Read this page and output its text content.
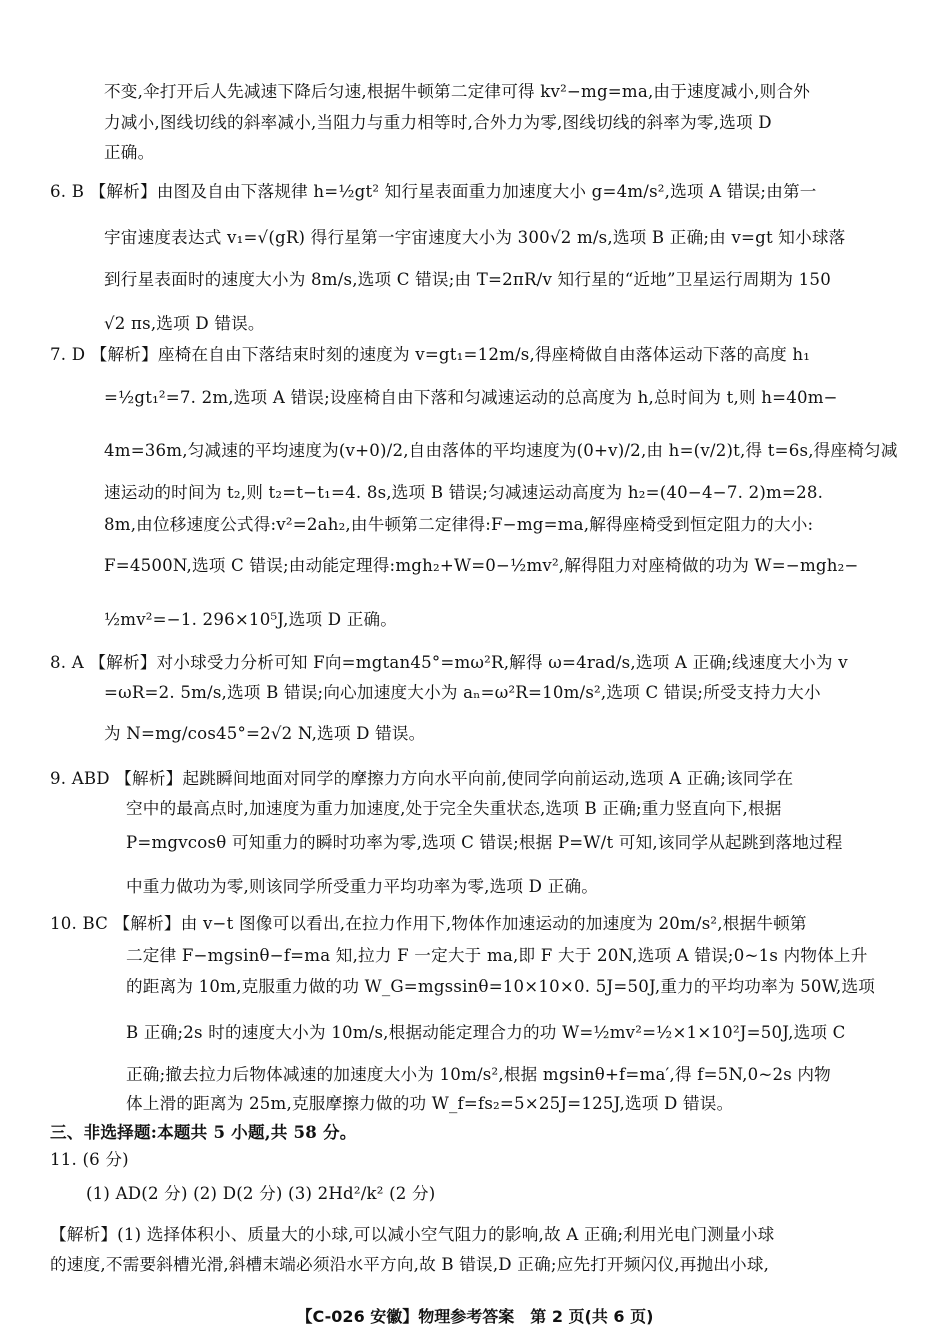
不变,伞打开后人先减速下降后匀速,根据牛顿第二定律可得 kv²−mg=ma,由于速度减小,则合外
力减小,图线切线的斜率减小,当阻力与重力相等时,合外力为零,图线切线的斜率为零,选项 D
正确。
6. B 【解析】由图及自由下落规律 h=½gt² 知行星表面重力加速度大小 g=4m/s²,选项 A 错误;由第一
宇宙速度表达式 v₁=√(gR) 得行星第一宇宙速度大小为 300√2 m/s,选项 B 正确;由 v=gt 知小球落
到行星表面时的速度大小为 8m/s,选项 C 错误;由 T=2πR/v 知行星的“近地”卫星运行周期为 150
√2 πs,选项 D 错误。
7. D 【解析】座椅在自由下落结束时刻的速度为 v=gt₁=12m/s,得座椅做自由落体运动下落的高度 h₁
=½gt₁²=7. 2m,选项 A 错误;设座椅自由下落和匀减速运动的总高度为 h,总时间为 t,则 h=40m−
4m=36m,匀减速的平均速度为(v+0)/2,自由落体的平均速度为(0+v)/2,由 h=(v/2)t,得 t=6s,得座椅匀减
速运动的时间为 t₂,则 t₂=t−t₁=4. 8s,选项 B 错误;匀减速运动高度为 h₂=(40−4−7. 2)m=28.
8m,由位移速度公式得:v²=2ah₂,由牛顿第二定律得:F−mg=ma,解得座椅受到恒定阻力的大小:
F=4500N,选项 C 错误;由动能定理得:mgh₂+W=0−½mv²,解得阻力对座椅做的功为 W=−mgh₂−
½mv²=−1. 296×10⁵J,选项 D 正确。
8. A 【解析】对小球受力分析可知 F向=mgtan45°=mω²R,解得 ω=4rad/s,选项 A 正确;线速度大小为 v
=ωR=2. 5m/s,选项 B 错误;向心加速度大小为 aₙ=ω²R=10m/s²,选项 C 错误;所受支持力大小
为 N=mg/cos45°=2√2 N,选项 D 错误。
9. ABD 【解析】起跳瞬间地面对同学的摩擦力方向水平向前,使同学向前运动,选项 A 正确;该同学在
空中的最高点时,加速度为重力加速度,处于完全失重状态,选项 B 正确;重力竖直向下,根据
P=mgvcosθ 可知重力的瞬时功率为零,选项 C 错误;根据 P=W/t 可知,该同学从起跳到落地过程
中重力做功为零,则该同学所受重力平均功率为零,选项 D 正确。
10. BC 【解析】由 v−t 图像可以看出,在拉力作用下,物体作加速运动的加速度为 20m/s²,根据牛顿第
二定律 F−mgsinθ−f=ma 知,拉力 F 一定大于 ma,即 F 大于 20N,选项 A 错误;0~1s 内物体上升
的距离为 10m,克服重力做的功 W_G=mgssinθ=10×10×0. 5J=50J,重力的平均功率为 50W,选项
B 正确;2s 时的速度大小为 10m/s,根据动能定理合力的功 W=½mv²=½×1×10²J=50J,选项 C
正确;撤去拉力后物体减速的加速度大小为 10m/s²,根据 mgsinθ+f=ma′,得 f=5N,0~2s 内物
体上滑的距离为 25m,克服摩擦力做的功 W_f=fs₂=5×25J=125J,选项 D 错误。
三、非选择题:本题共 5 小题,共 58 分。
11. (6 分)
(1) AD(2 分) (2) D(2 分) (3) 2Hd²/k² (2 分)
【解析】(1) 选择体积小、质量大的小球,可以减小空气阻力的影响,故 A 正确;利用光电门测量小球
的速度,不需要斜槽光滑,斜槽末端必须沿水平方向,故 B 错误,D 正确;应先打开频闪仪,再抛出小球,
【C-026 安徽】物理参考答案　第 2 页(共 6 页)
